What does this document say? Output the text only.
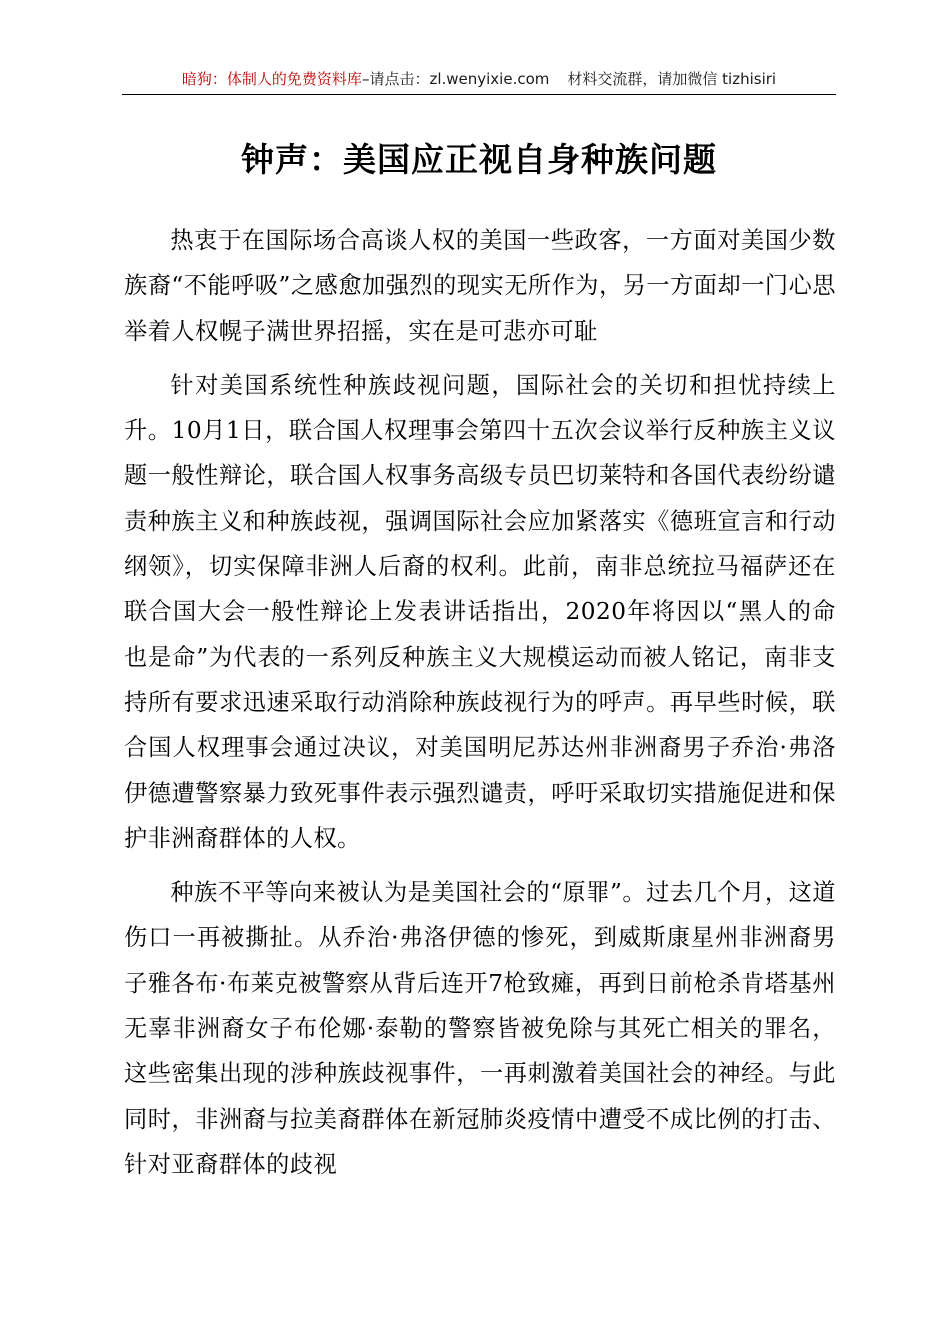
暗狗：体制人的免费资料库–请点击：zl.wenyixie.com 材料交流群，请加微信 tizhisiri
钟声：美国应正视自身种族问题

热衷于在国际场合高谈人权的美国一些政客，一方面对美国少数族裔“不能呼吸”之感愈加强烈的现实无所作为，另一方面却一门心思举着人权幌子满世界招摇，实在是可悲亦可耻

针对美国系统性种族歧视问题，国际社会的关切和担忧持续上升。10月1日，联合国人权理事会第四十五次会议举行反种族主义议题一般性辩论，联合国人权事务高级专员巴切莱特和各国代表纷纷谴责种族主义和种族歧视，强调国际社会应加紧落实《德班宣言和行动纲领》，切实保障非洲人后裔的权利。此前，南非总统拉马福萨还在联合国大会一般性辩论上发表讲话指出，2020年将因以“黑人的命也是命”为代表的一系列反种族主义大规模运动而被人铭记，南非支持所有要求迅速采取行动消除种族歧视行为的呼声。再早些时候，联合国人权理事会通过决议，对美国明尼苏达州非洲裔男子乔治·弗洛伊德遭警察暴力致死事件表示强烈谴责，呼吁采取切实措施促进和保护非洲裔群体的人权。

种族不平等向来被认为是美国社会的“原罪”。过去几个月，这道伤口一再被撕扯。从乔治·弗洛伊德的惨死，到威斯康星州非洲裔男子雅各布·布莱克被警察从背后连开7枪致瘫，再到日前枪杀肯塔基州无辜非洲裔女子布伦娜·泰勒的警察皆被免除与其死亡相关的罪名，这些密集出现的涉种族歧视事件，一再刺激着美国社会的神经。与此同时，非洲裔与拉美裔群体在新冠肺炎疫情中遭受不成比例的打击、针对亚裔群体的歧视
